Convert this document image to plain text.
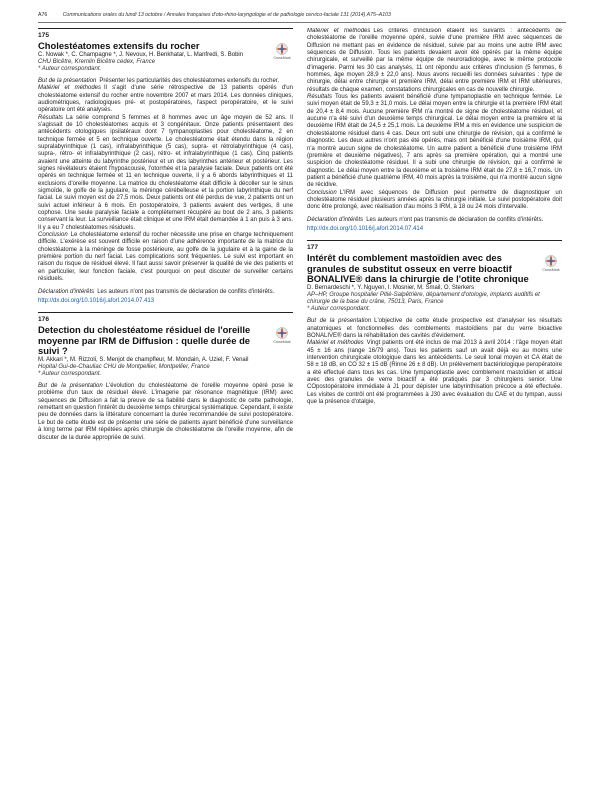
A76	Communications orales du lundi 13 octobre / Annales françaises d'oto-rhino-laryngologie et de pathologie cervico-faciale 131 (2014) A75–A103
175
Cholestéatomes extensifs du rocher
CrossMark
C. Nowak *, C. Champagne *, J. Nevoux, H. Benkhatar, L. Manfredi, S. Bobin
CHU Bicêtre, Kremlin Bicêtre cedex, France
* Auteur correspondant.

But de la présentation Présenter les particularités des cholestéatomes extensifs du rocher.

Matériel et méthodes Il s'agit d'une série rétrospective de 13 patients opérés d'un cholestéatome extensif du rocher entre novembre 2007 et mars 2014. Les données cliniques, audiométriques, radiologiques pré- et postopératoires, l'aspect peropératoire, et le suivi opératoire ont été analysés.

Résultats La série comprend 5 femmes et 8 hommes avec un âge moyen de 52 ans. Il s'agissait de 10 cholestéatomes acquis et 3 congénitaux. Onze patients présentaient des antécédents otologiques ipsilatéraux dont 7 tympanoplasties pour cholestéatome, 2 en technique fermée et 5 en technique ouverte. Le cholestéatome était étendu dans la région supralabyrinthique (1 cas), infralabyrinthique (5 cas), supra- et rétrolabyrinthique (4 cas), supra-, rétro- et infralabyrinthique (2 cas), rétro- et infralabyrinthique (1 cas). Cinq patients avaient une atteinte du labyrinthe postérieur et un des labyrinthes antérieur et postérieur. Les signes révélateurs étaient l'hypoacousie, l'otorrhée et la paralysie faciale. Deux patients ont été opérés en technique fermée et 11 en technique ouverte, il y a 6 abords labyrinthiques et 11 exclusions d'oreille moyenne. La matrice du cholestéatome était difficile à décoller sur le sinus sigmoïde, le golfe de la jugulaire, la méninge cérébelleuse et la portion labyrinthique du nerf facial. Le suivi moyen est de 27,5 mois. Deux patients ont été perdus de vue, 2 patients ont un suivi actuel inférieur à 6 mois. En postopératoire, 3 patients avaient des vertiges, 8 une cophose. Une seule paralysie faciale a complètement récupéré au bout de 2 ans, 3 patients conservant la leur. La surveillance était clinique et une IRM était demandée à 1 an puis à 3 ans. Il y a eu 7 cholestéatomes résiduels.

Conclusion Le cholestéatome extensif du rocher nécessite une prise en charge techniquement difficile. L'exérèse est souvent difficile en raison d'une adhérence importante de la matrice du cholestéatome à la méninge de fosse postérieure, au golfe de la jugulaire et à la gaine de la première portion du nerf facial. Les complications sont fréquentes. Le suivi est important en raison du risque de résiduel élevé. Il faut aussi savoir préserver la qualité de vie des patients et en particulier, leur fonction faciale, c'est pourquoi on peut discuter de surveiller certains résiduels.

Déclaration d'intérêts Les auteurs n'ont pas transmis de déclaration de conflits d'intérêts.

http://dx.doi.org/10.1016/j.aforl.2014.07.413
176
Detection du cholestéatome résiduel de l'oreille moyenne par IRM de Diffusion : quelle durée de suivi ?
CrossMark
M. Akkari *, M. Rizzoli, S. Menjot de champfleur, M. Mondain, A. Uziel, F. Venail
Hopital Gui-de-Chauliac CHU de Montpellier, Montpellier, France
* Auteur correspondant.

But de la présentation L'évolution du cholestéatome de l'oreille moyenne opéré pose le problème d'un taux de résiduel élevé. L'imagerie par résonance magnétique (IRM) avec séquences de Diffusion a fait la preuve de sa fiabilité dans le diagnostic de cette pathologie, remettant en question l'intérêt du deuxième temps chirurgical systématique. Cependant, il existe peu de données dans la littérature concernant la durée recommandée de suivi postopératoire. Le but de cette étude est de présenter une série de patients ayant bénéficié d'une surveillance à long terme par IRM répétées après chirurgie de cholestéatome de l'oreille moyenne, afin de discuter de la durée appropriée de suivi.

Matériel et méthodes Les critères d'inclusion étaient les suivants : antécédents de cholestéatome de l'oreille moyenne opéré, suivie d'une première IRM avec séquences de Diffusion ne mettant pas en évidence de résiduel, suivie par au moins une autre IRM avec séquences de Diffusion. Tous les patients devaient avoir été opérés par la même équipe chirurgicale, et surveillé par la même équipe de neuroradiologie, avec le même protocole d'imagerie. Parmi les 30 cas analysés, 11 ont répondu aux critères d'inclusion (5 femmes, 6 hommes, âge moyen 28,9 ± 22,0 ans). Nous avons recueilli les données suivantes : type de chirurgie, délai entre chirurgie et première IRM, délai entre première IRM et IRM ultérieures, résultats de chaque examen, constatations chirurgicales en cas de nouvelle chirurgie.

Résultats Tous les patients avaient bénéficié d'une tympanoplastie en technique fermée. Le suivi moyen était de 59,3 ± 31,0 mois. Le délai moyen entre la chirurgie et la première IRM était de 20,4 ± 8,4 mois. Aucune première IRM n'a montré de signe de cholestéatome résiduel, et aucune n'a été suivi d'un deuxième temps chirurgical. Le délai moyen entre la première et la deuxième IRM était de 24,5 ± 25,1 mois. La deuxième IRM a mis en évidence une suspicion de cholestéatome résiduel dans 4 cas. Deux ont subi une chirurgie de révision, qui a confirmé le diagnostic. Les deux autres n'ont pas été opérés, mais ont bénéficié d'une troisième IRM, qui n'a montré aucun signe de cholestéatome. Un autre patient a bénéficié d'une troisième IRM (première et deuxième négatives), 7 ans après sa première opération, qui a montré une suspicion de cholestéatome résiduel. Il a subi une chirurgie de révision, qui a confirmé le diagnostic. Le délai moyen entre la deuxième et la troisième IRM était de 27,8 ± 16,7 mois. Un patient a bénéficié d'une quatrième IRM, 40 mois après la troisième, qui n'a montré aucun signe de récidive.

Conclusion L'IRM avec séquences de Diffusion peut permettre de diagnostiquer un cholestéatome résiduel plusieurs années après la chirurgie initiale. Le suivi postopératoire doit donc être prolongé, avec réalisation d'au moins 3 IRM, à 18 ou 24 mois d'intervalle.

Déclaration d'intérêts Les auteurs n'ont pas transmis de déclaration de conflits d'intérêts.

http://dx.doi.org/10.1016/j.aforl.2014.07.414
177
Intérêt du comblement mastoïdien avec des granules de substitut osseux en verre bioactif BONALIVE® dans la chirurgie de l'otite chronique
CrossMark
D. Bernardeschi *, Y. Nguyen, I. Mosnier, M. Smail, O. Sterkers
AP–HP, Groupe hospitalier Pitié-Salpêtrière, département d'otologie, implants auditifs et chirurgie de la base du crâne, 75013, Paris, France
* Auteur correspondant.

But de la présentation L'objective de cette étude prospective est d'analyser les résultats anatomiques et fonctionnelles des comblements mastoïdiens par du verre bioactive BONALIVE® dans la réhabilitation des cavités d'évidement.

Matériel et méthodes Vingt patients ont été inclus de mai 2013 à avril 2014 : l'âge moyen était 45 ± 16 ans (range 16/79 ans). Tous les patients sauf un avait déjà eu au moins une intervention chirurgicale otologique dans les antécédents. Le seuil tonal moyen et CA était de 58 ± 18 dB, en CO 32 ± 15 dB (Rinne 26 ± 8 dB). Un prélèvement bactériologique peropératoire a été effectué dans tous les cas. Une tympanoplastie avec comblement mastoïdien et attical avec des granules de verre bioactif a été pratiqués par 3 chirurgiens senior. Une COpostopératoire immédiate à J1 pour dépister une labyrinthisation précoce a été effectuée. Les visites de contrôl ont été programmées à J30 avec évaluation du CAE et du tympan, aussi que la présence d'otalgie,
